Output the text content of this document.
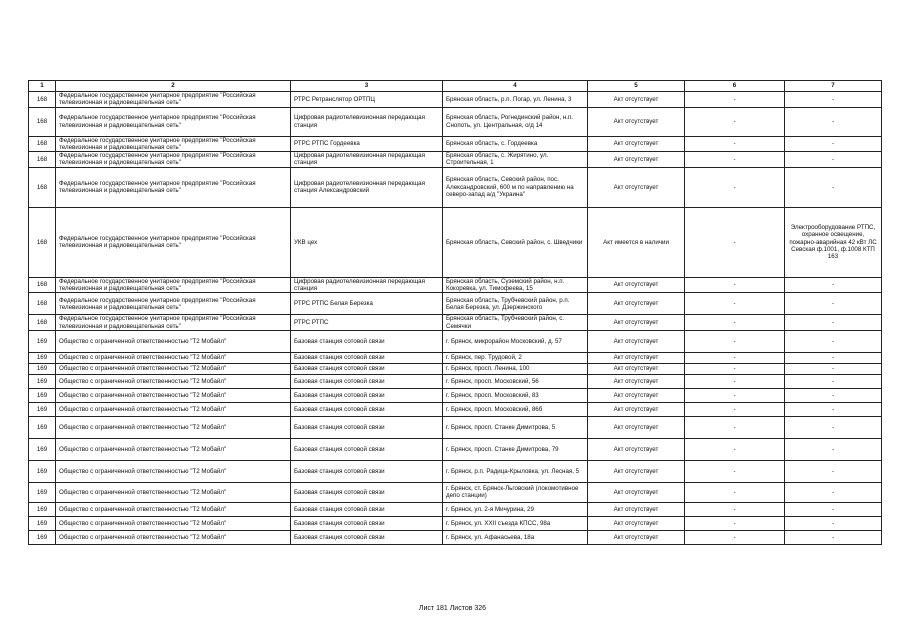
1	2	3	4	5	6	7
168	Федеральное государственное унитарное предприятие "Российская телевизионная и радиовещательная сеть"	РТРС Ретранслятор ОРТПЦ	Брянская область, р.п. Погар, ул. Ленина, 3	Акт отсутствует	-	-
168	Федеральное государственное унитарное предприятие "Российская телевизионная и радиовещательная сеть"	Цифровая радиотелевизионная передающая станция	Брянская область, Рогнединский район, н.п. Снопоть, ул. Центральная, о/д 14	Акт отсутствует	-	-
168	Федеральное государственное унитарное предприятие "Российская телевизионная и радиовещательная сеть"	РТРС РТПС Гордеевка	Брянская область, с. Гордеевка	Акт отсутствует	-	-
168	Федеральное государственное унитарное предприятие "Российская телевизионная и радиовещательная сеть"	Цифровая радиотелевизионная передающая станция	Брянская область, с. Жирятино, ул. Строительная, 1	Акт отсутствует	-	-
168	Федеральное государственное унитарное предприятие "Российская телевизионная и радиовещательная сеть"	Цифровая радиотелевизионная передающая станция Александровский	Брянская область, Севский район, пос. Александровский, 600 м по направлению на северо-запад а/д "Украина"	Акт отсутствует	-	-
168	Федеральное государственное унитарное предприятие "Российская телевизионная и радиовещательная сеть"	УКВ цех	Брянская область, Севский район, с. Шведчики	Акт имеется в наличии	-	Электрооборудование РТПС, охранное освещение, пожарно-аварийная 42 кВт ЛС Севская ф.1001, ф.1008 КТП 163
168	Федеральное государственное унитарное предприятие "Российская телевизионная и радиовещательная сеть"	Цифровая радиотелевизионная передающая станция	Брянская область, Суземский район, н.п. Кокоревка, ул. Тимофеева, 15	Акт отсутствует	-	-
168	Федеральное государственное унитарное предприятие "Российская телевизионная и радиовещательная сеть"	РТРС РТПС Белая Березка	Брянская область, Трубчевский район, р.п. Белая Березка, ул. Дзержинского	Акт отсутствует	-	-
168	Федеральное государственное унитарное предприятие "Российская телевизионная и радиовещательная сеть"	РТРС РТПС	Брянская область, Трубчевский район, с. Семячки	Акт отсутствует	-	-
169	Общество с ограниченной ответственностью "Т2 Мобайл"	Базовая станция сотовой связи	г. Брянск, микрорайон Московский, д. 57	Акт отсутствует	-	-
169	Общество с ограниченной ответственностью "Т2 Мобайл"	Базовая станция сотовой связи	г. Брянск, пер. Трудовой, 2	Акт отсутствует	-	-
169	Общество с ограниченной ответственностью "Т2 Мобайл"	Базовая станция сотовой связи	г. Брянск, просп. Ленина, 100	Акт отсутствует	-	-
169	Общество с ограниченной ответственностью "Т2 Мобайл"	Базовая станция сотовой связи	г. Брянск, просп. Московский, 56	Акт отсутствует	-	-
169	Общество с ограниченной ответственностью "Т2 Мобайл"	Базовая станция сотовой связи	г. Брянск, просп. Московский, 83	Акт отсутствует	-	-
169	Общество с ограниченной ответственностью "Т2 Мобайл"	Базовая станция сотовой связи	г. Брянск, просп. Московский, 86б	Акт отсутствует	-	-
169	Общество с ограниченной ответственностью "Т2 Мобайл"	Базовая станция сотовой связи	г. Брянск, просп. Станке Димитрова, 5	Акт отсутствует	-	-
169	Общество с ограниченной ответственностью "Т2 Мобайл"	Базовая станция сотовой связи	г. Брянск, просп. Станке Димитрова, 79	Акт отсутствует	-	-
169	Общество с ограниченной ответственностью "Т2 Мобайл"	Базовая станция сотовой связи	г. Брянск, р.п. Радица-Крыловка, ул. Лесная, 5	Акт отсутствует	-	-
169	Общество с ограниченной ответственностью "Т2 Мобайл"	Базовая станция сотовой связи	г. Брянск, ст. Брянск-Льговский (локомотивное депо станции)	Акт отсутствует	-	-
169	Общество с ограниченной ответственностью "Т2 Мобайл"	Базовая станция сотовой связи	г. Брянск, ул. 2-я Мичурина, 29	Акт отсутствует	-	-
169	Общество с ограниченной ответственностью "Т2 Мобайл"	Базовая станция сотовой связи	г. Брянск, ул. XXII съезда КПСС, 98а	Акт отсутствует	-	-
169	Общество с ограниченной ответственностью "Т2 Мобайл"	Базовая станция сотовой связи	г. Брянск, ул. Афанасьева, 18а	Акт отсутствует	-	-
Лист 181 Листов 326
